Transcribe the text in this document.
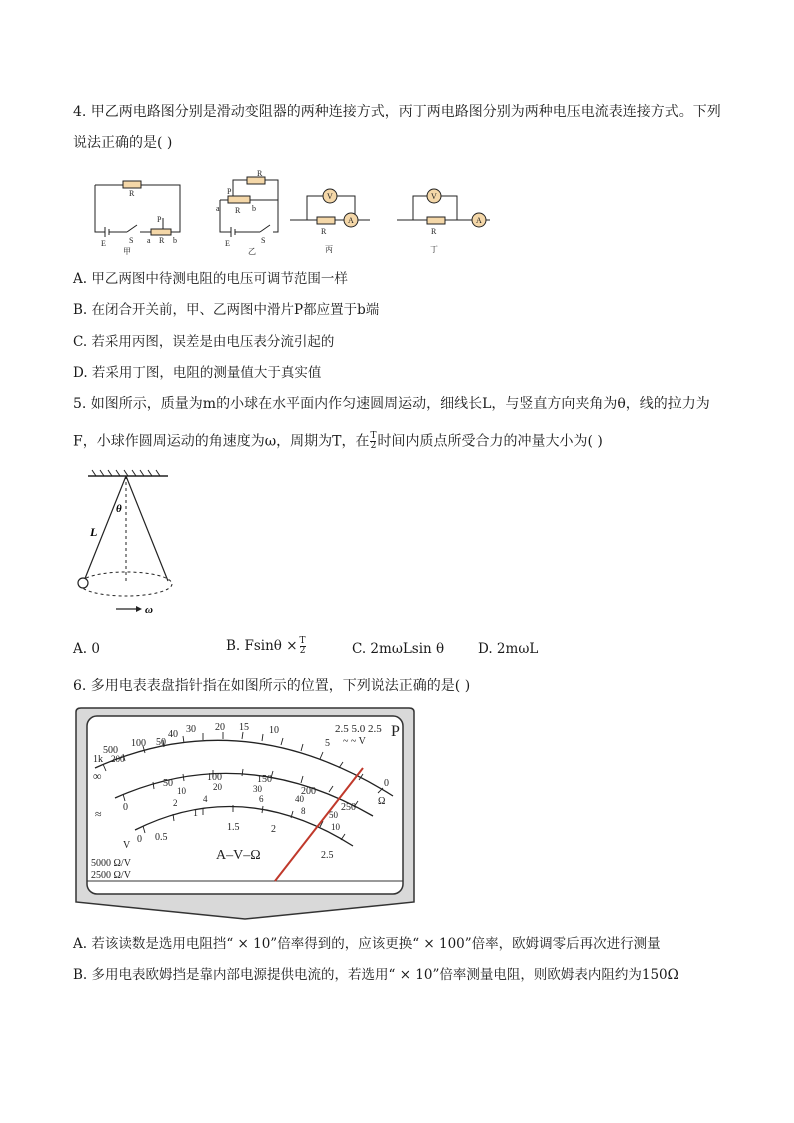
4. 甲乙两电路图分别是滑动变阻器的两种连接方式，丙丁两电路图分别为两种电压电流表连接方式。下列
说法正确的是( )
R
E	S
P
a R b
甲
R
P
a R b
E	S
乙
V
A
R
丙
V
A
R
丁
A. 甲乙两图中待测电阻的电压可调节范围一样
B. 在闭合开关前，甲、乙两图中滑片P都应置于b端
C. 若采用丙图，误差是由电压表分流引起的
D. 若采用丁图，电阻的测量值大于真实值
5. 如图所示，质量为m的小球在水平面内作匀速圆周运动，细线长L，与竖直方向夹角为θ，线的拉力为
F，小球作圆周运动的角速度为ω，周期为T，在 $\frac{T}{2}$ 时间内质点所受合力的冲量大小为( )
L
θ
ω
A. 0	B. $Fsin\theta \times \frac{T}{2}$	C. 2mωLsin θ	D. 2mωL
6. 多用电表表盘指针指在如图所示的位置，下列说法正确的是( )
1k
500
200
100 50
40 30 20 15 10
5
0
∞
Ω
0
50
100	150
200
250
10	20	30
40
50
2	4	6
8
10
≈
0 0.5
1
1.5	2
2.5
V
2.5 5.0 2.5
~ ~ V
P
A–V–Ω
5000 Ω/V
2500 Ω/V
A. 若该读数是选用电阻挡“ × 10”倍率得到的，应该更换“ × 100”倍率，欧姆调零后再次进行测量
B. 多用电表欧姆挡是靠内部电源提供电流的，若选用“ × 10”倍率测量电阻，则欧姆表内阻约为150Ω
